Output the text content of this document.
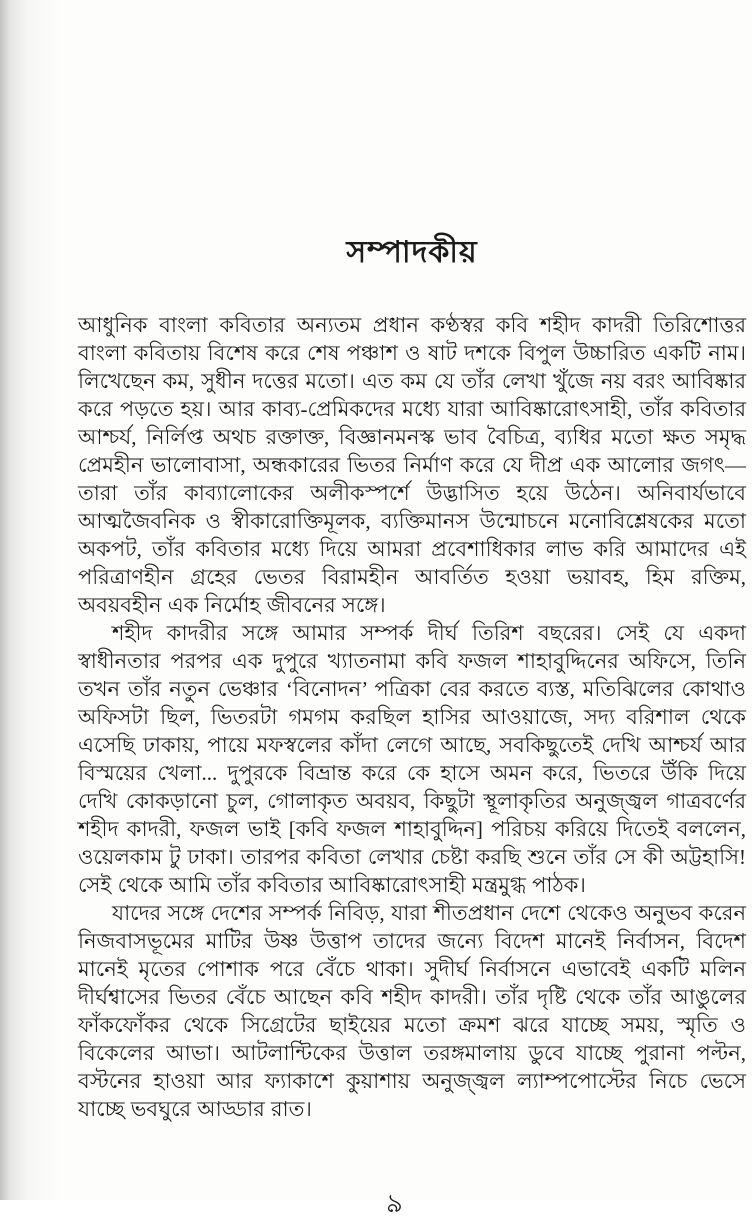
সম্পাদকীয়

আধুনিক বাংলা কবিতার অন্যতম প্রধান কণ্ঠস্বর কবি শহীদ কাদরী তিরিশোত্তর বাংলা কবিতায় বিশেষ করে শেষ পঞ্চাশ ও ষাট দশকে বিপুল উচ্চারিত একটি নাম। লিখেছেন কম, সুধীন দত্তের মতো। এত কম যে তাঁর লেখা খুঁজে নয় বরং আবিষ্কার করে পড়তে হয়। আর কাব্য-প্রেমিকদের মধ্যে যারা আবিষ্কারোৎসাহী, তাঁর কবিতার আশ্চর্য, নির্লিপ্ত অথচ রক্তাক্ত, বিজ্ঞানমনস্ক ভাব বৈচিত্র, ব্যধির মতো ক্ষত সমৃদ্ধ প্রেমহীন ভালোবাসা, অন্ধকারের ভিতর নির্মাণ করে যে দীপ্র এক আলোর জগৎ—তারা তাঁর কাব্যালোকের অলীকস্পর্শে উদ্ভাসিত হয়ে উঠেন। অনিবার্যভাবে আত্মজৈবনিক ও স্বীকারোক্তিমূলক, ব্যক্তিমানস উন্মোচনে মনোবিশ্লেষকের মতো অকপট, তাঁর কবিতার মধ্যে দিয়ে আমরা প্রবেশাধিকার লাভ করি আমাদের এই পরিত্রাণহীন গ্রহের ভেতর বিরামহীন আবর্তিত হওয়া ভয়াবহ, হিম রক্তিম, অবয়বহীন এক নির্মোহ জীবনের সঙ্গে।

শহীদ কাদরীর সঙ্গে আমার সম্পর্ক দীর্ঘ তিরিশ বছরের। সেই যে একদা স্বাধীনতার পরপর এক দুপুরে খ্যাতনামা কবি ফজল শাহাবুদ্দিনের অফিসে, তিনি তখন তাঁর নতুন ভেঞ্চার ‘বিনোদন’ পত্রিকা বের করতে ব্যস্ত, মতিঝিলের কোথাও অফিসটা ছিল, ভিতরটা গমগম করছিল হাসির আওয়াজে, সদ্য বরিশাল থেকে এসেছি ঢাকায়, পায়ে মফস্বলের কাঁদা লেগে আছে, সবকিছুতেই দেখি আশ্চর্য আর বিস্ময়ের খেলা... দুপুরকে বিভ্রান্ত করে কে হাসে অমন করে, ভিতরে উঁকি দিয়ে দেখি কোকড়ানো চুল, গোলাকৃত অবয়ব, কিছুটা স্থূলাকৃতির অনুজ্জ্বল গাত্রবর্ণের শহীদ কাদরী, ফজল ভাই [কবি ফজল শাহাবুদ্দিন] পরিচয় করিয়ে দিতেই বললেন, ওয়েলকাম টু ঢাকা। তারপর কবিতা লেখার চেষ্টা করছি শুনে তাঁর সে কী অট্টহাসি! সেই থেকে আমি তাঁর কবিতার আবিষ্কারোৎসাহী মন্ত্রমুগ্ধ পাঠক।

যাদের সঙ্গে দেশের সম্পর্ক নিবিড়, যারা শীতপ্রধান দেশে থেকেও অনুভব করেন নিজবাসভূমের মাটির উষ্ণ উত্তাপ তাদের জন্যে বিদেশ মানেই নির্বাসন, বিদেশ মানেই মৃতের পোশাক পরে বেঁচে থাকা। সুদীর্ঘ নির্বাসনে এভাবেই একটি মলিন দীর্ঘশ্বাসের ভিতর বেঁচে আছেন কবি শহীদ কাদরী। তাঁর দৃষ্টি থেকে তাঁর আঙুলের ফাঁকফোঁকর থেকে সিগ্রেটের ছাইয়ের মতো ক্রমশ ঝরে যাচ্ছে সময়, স্মৃতি ও বিকেলের আভা। আটলান্টিকের উত্তাল তরঙ্গমালায় ডুবে যাচ্ছে পুরানা পল্টন, বস্টনের হাওয়া আর ফ্যাকাশে কুয়াশায় অনুজ্জ্বল ল্যাম্পপোস্টের নিচে ভেসে যাচ্ছে ভবঘুরে আড্ডার রাত।

৯
